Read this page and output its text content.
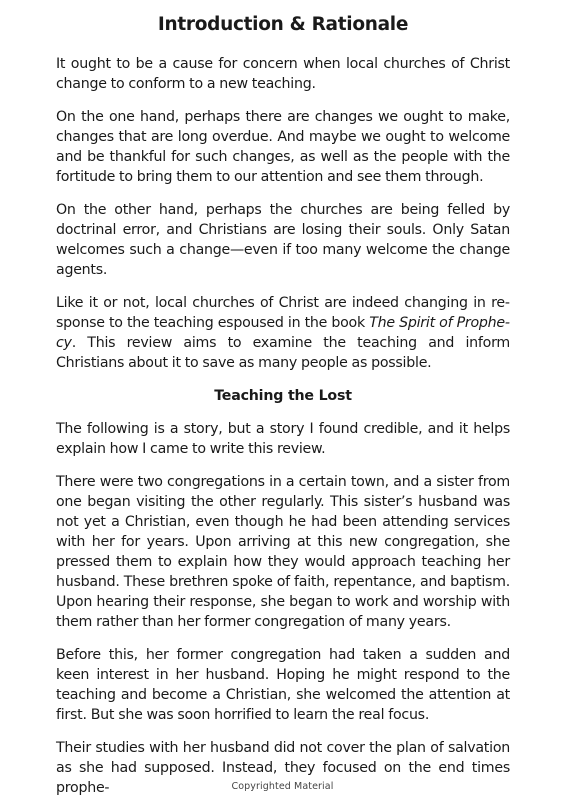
Introduction & Rationale

It ought to be a cause for concern when local churches of Christ change to conform to a new teaching.

On the one hand, perhaps there are changes we ought to make, changes that are long overdue. And maybe we ought to welcome and be thankful for such changes, as well as the people with the fortitude to bring them to our attention and see them through.

On the other hand, perhaps the churches are being felled by doctrinal error, and Christians are losing their souls. Only Satan welcomes such a change—even if too many welcome the change agents.

Like it or not, local churches of Christ are indeed changing in response to the teaching espoused in the book The Spirit of Prophecy. This review aims to examine the teaching and inform Christians about it to save as many people as possible.

Teaching the Lost

The following is a story, but a story I found credible, and it helps explain how I came to write this review.

There were two congregations in a certain town, and a sister from one began visiting the other regularly. This sister’s husband was not yet a Christian, even though he had been attending services with her for years. Upon arriving at this new congregation, she pressed them to explain how they would approach teaching her husband. These brethren spoke of faith, repentance, and baptism. Upon hearing their response, she began to work and worship with them rather than her former congregation of many years.

Before this, her former congregation had taken a sudden and keen interest in her husband. Hoping he might respond to the teaching and become a Christian, she welcomed the attention at first. But she was soon horrified to learn the real focus.

Their studies with her husband did not cover the plan of salvation as she had supposed. Instead, they focused on the end times prophe-	Copyrighted Material
